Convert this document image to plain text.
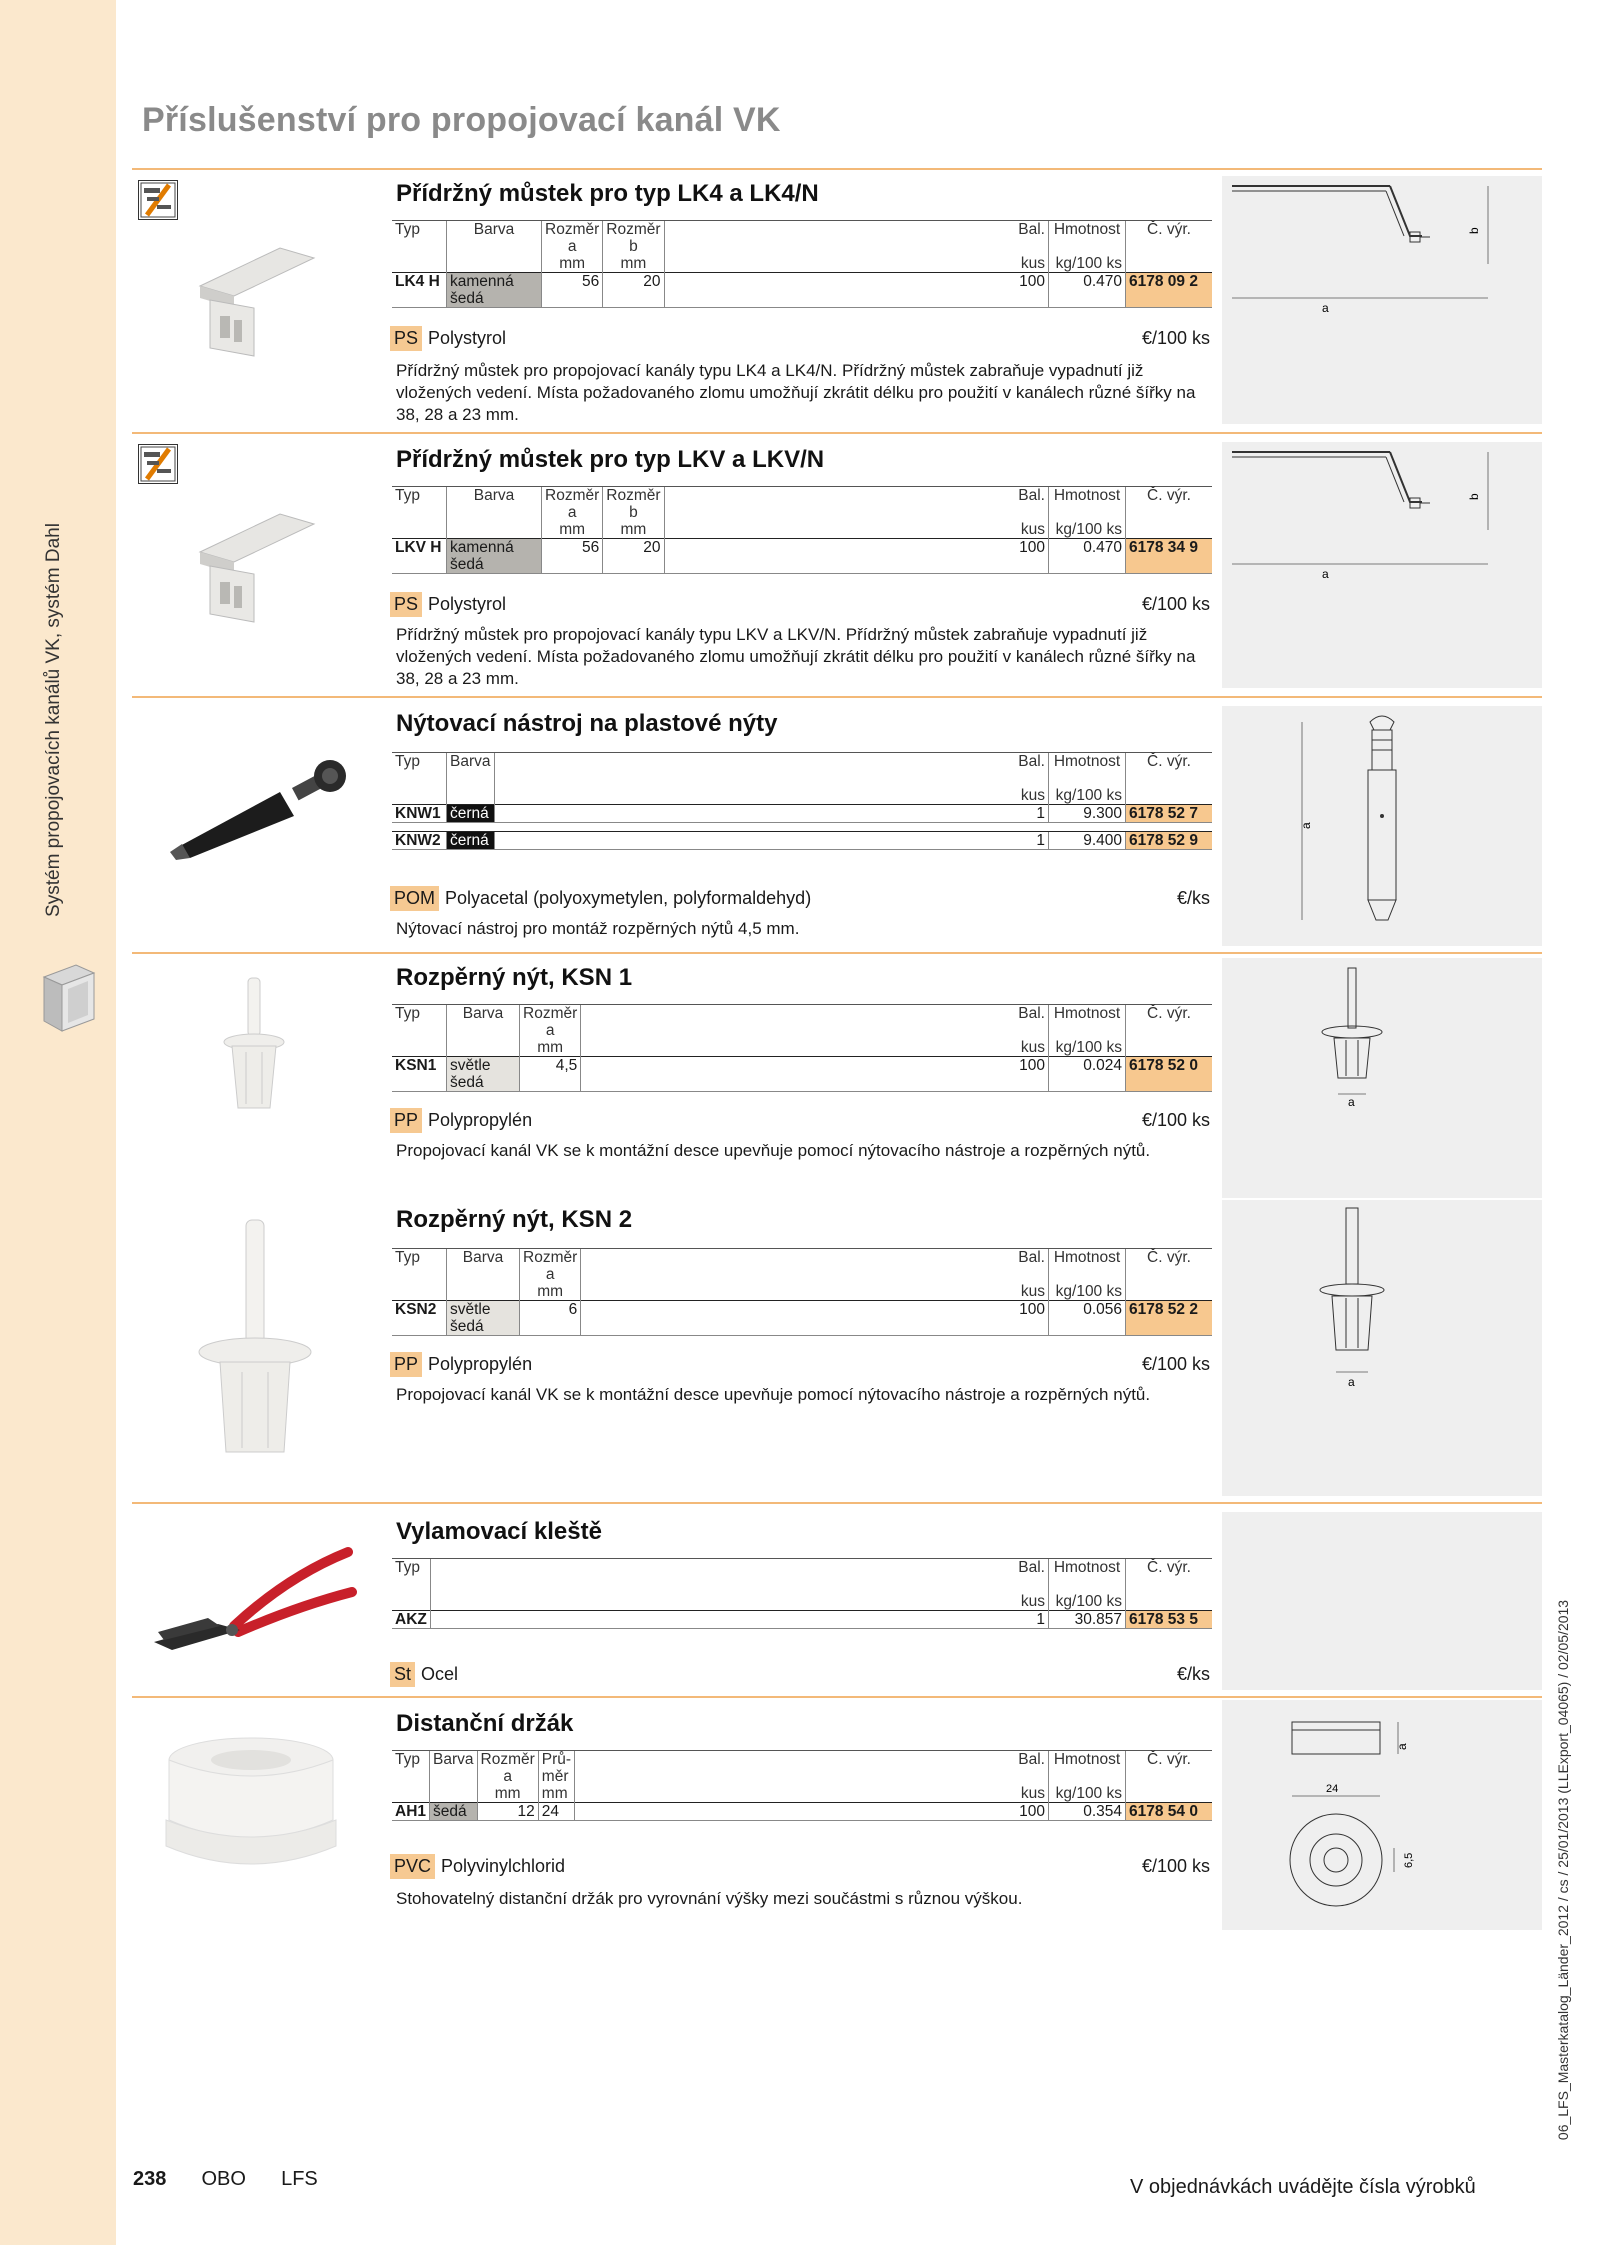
Systém propojovacích kanálů VK, systém Dahl
Příslušenství pro propojovací kanál VK
Přídržný můstek pro typ LK4 a LK4/N
Typ	Barva	Rozměr	Rozměr		Bal.	Hmotnost	Č. výr.
		a	b				
		mm	mm		kus	kg/100 ks	
LK4 H	kamenná šedá	56	20		100	0.470	6178 09 2
PS Polystyrol	€/100 ks
Přídržný můstek pro propojovací kanály typu LK4 a LK4/N. Přídržný můstek zabraňuje vypadnutí již vložených vedení. Místa požadovaného zlomu umožňují zkrátit délku pro použití v kanálech různé šířky na 38, 28 a 23 mm.
b
a
Přídržný můstek pro typ LKV a LKV/N
Typ	Barva	Rozměr	Rozměr		Bal.	Hmotnost	Č. výr.
		a	b				
		mm	mm		kus	kg/100 ks	
LKV H	kamenná šedá	56	20		100	0.470	6178 34 9
PS Polystyrol	€/100 ks
Přídržný můstek pro propojovací kanály typu LKV a LKV/N. Přídržný můstek zabraňuje vypadnutí již vložených vedení. Místa požadovaného zlomu umožňují zkrátit délku pro použití v kanálech různé šířky na 38, 28 a 23 mm.
b
a
Nýtovací nástroj na plastové nýty
Typ	Barva		Bal.	Hmotnost	Č. výr.

			kus	kg/100 ks	
KNW1	černá		1	9.300	6178 52 7

KNW2	černá		1	9.400	6178 52 9
POM Polyacetal (polyoxymetylen, polyformaldehyd)	€/ks
Nýtovací nástroj pro montáž rozpěrných nýtů 4,5 mm.
a
Rozpěrný nýt, KSN 1
Typ	Barva	Rozměr		Bal.	Hmotnost	Č. výr.
		a				
		mm		kus	kg/100 ks	
KSN1	světle šedá	4,5		100	0.024	6178 52 0
PP Polypropylén	€/100 ks
Propojovací kanál VK se k montážní desce upevňuje pomocí nýtovacího nástroje a rozpěrných nýtů.
a
Rozpěrný nýt, KSN 2
Typ	Barva	Rozměr		Bal.	Hmotnost	Č. výr.
		a				
		mm		kus	kg/100 ks	
KSN2	světle šedá	6		100	0.056	6178 52 2
PP Polypropylén	€/100 ks
Propojovací kanál VK se k montážní desce upevňuje pomocí nýtovacího nástroje a rozpěrných nýtů.
a
Vylamovací kleště
Typ		Bal.	Hmotnost	Č. výr.

		kus	kg/100 ks	
AKZ		1	30.857	6178 53 5
St Ocel	€/ks
Distanční držák
Typ	Barva	Rozměr	Prů-		Bal.	Hmotnost	Č. výr.
		a	měr				
		mm	mm		kus	kg/100 ks	
AH1	šedá	12	24		100	0.354	6178 54 0
PVC Polyvinylchlorid	€/100 ks
Stohovatelný distanční držák pro vyrovnání výšky mezi součástmi s různou výškou.
a
24
6,5	06_LFS_Masterkatalog_Länder_2012 / cs / 25/01/2013 (LLExport_04065) / 02/05/2013
238 OBO LFS	V objednávkách uvádějte čísla výrobků
